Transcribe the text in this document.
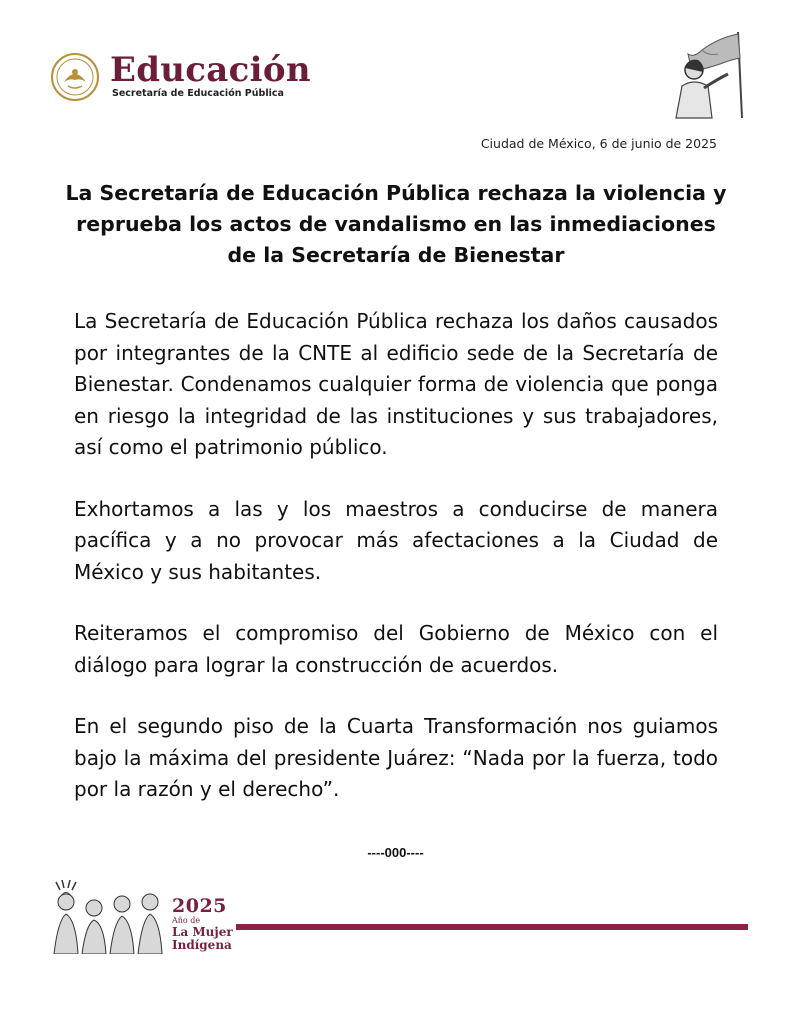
Educación
Secretaría de Educación Pública
Ciudad de México, 6 de junio de 2025
La Secretaría de Educación Pública rechaza la violencia y reprueba los actos de vandalismo en las inmediaciones de la Secretaría de Bienestar

La Secretaría de Educación Pública rechaza los daños causados por integrantes de la CNTE al edificio sede de la Secretaría de Bienestar. Condenamos cualquier forma de violencia que ponga en riesgo la integridad de las instituciones y sus trabajadores, así como el patrimonio público.

Exhortamos a las y los maestros a conducirse de manera pacífica y a no provocar más afectaciones a la Ciudad de México y sus habitantes.

Reiteramos el compromiso del Gobierno de México con el diálogo para lograr la construcción de acuerdos.

En el segundo piso de la Cuarta Transformación nos guiamos bajo la máxima del presidente Juárez: “Nada por la fuerza, todo por la razón y el derecho”.

----000----
2025
Año de
La Mujer
Indígena
